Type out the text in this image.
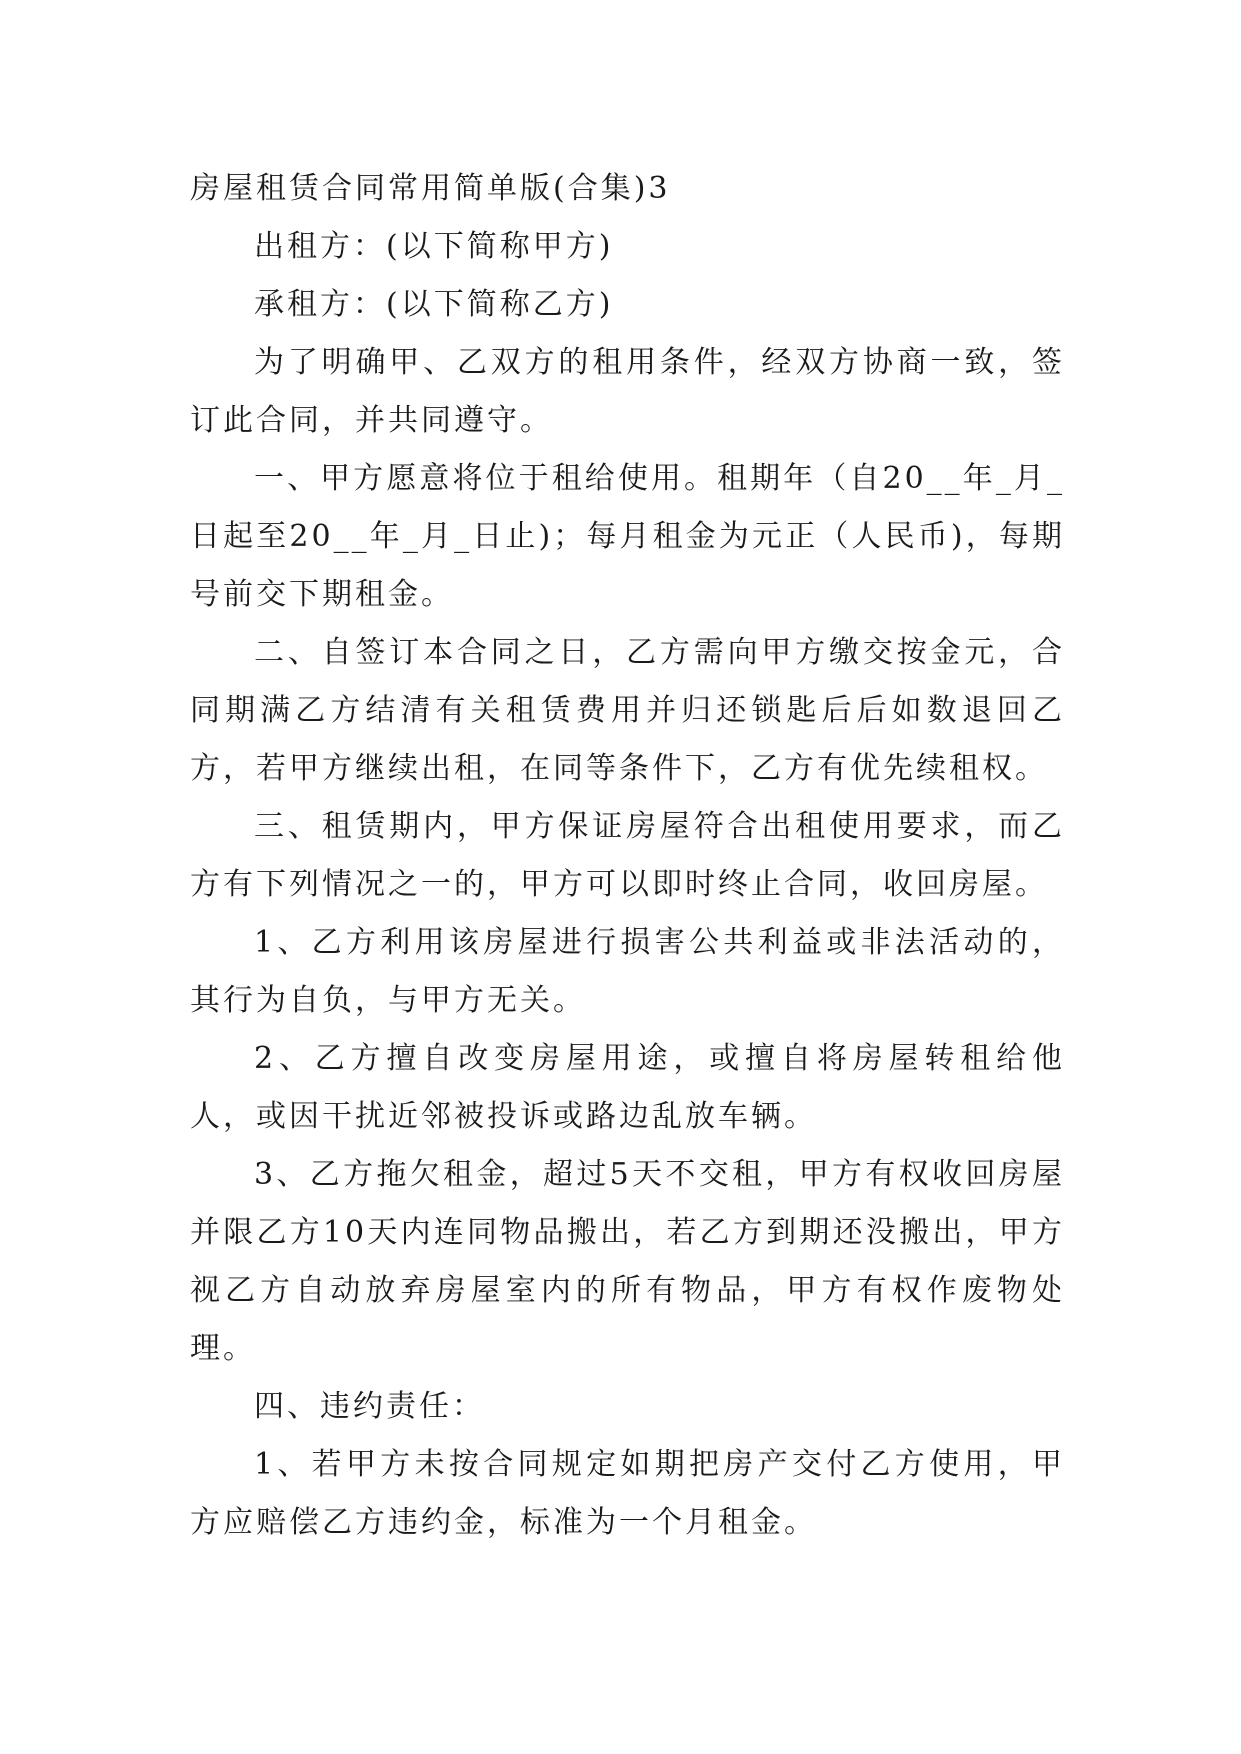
房屋租赁合同常用简单版(合集)3

出租方：(以下简称甲方)

承租方：(以下简称乙方)

为了明确甲、乙双方的租用条件，经双方协商一致，签订此合同，并共同遵守。

一、甲方愿意将位于租给使用。租期年（自20__年_月_日起至20__年_月_日止)；每月租金为元正（人民币)，每期号前交下期租金。

二、自签订本合同之日，乙方需向甲方缴交按金元，合同期满乙方结清有关租赁费用并归还锁匙后后如数退回乙方，若甲方继续出租，在同等条件下，乙方有优先续租权。

三、租赁期内，甲方保证房屋符合出租使用要求，而乙方有下列情况之一的，甲方可以即时终止合同，收回房屋。

1、乙方利用该房屋进行损害公共利益或非法活动的，其行为自负，与甲方无关。

2、乙方擅自改变房屋用途，或擅自将房屋转租给他人，或因干扰近邻被投诉或路边乱放车辆。

3、乙方拖欠租金，超过5天不交租，甲方有权收回房屋并限乙方10天内连同物品搬出，若乙方到期还没搬出，甲方视乙方自动放弃房屋室内的所有物品，甲方有权作废物处理。

四、违约责任：

1、若甲方未按合同规定如期把房产交付乙方使用，甲方应赔偿乙方违约金，标准为一个月租金。
